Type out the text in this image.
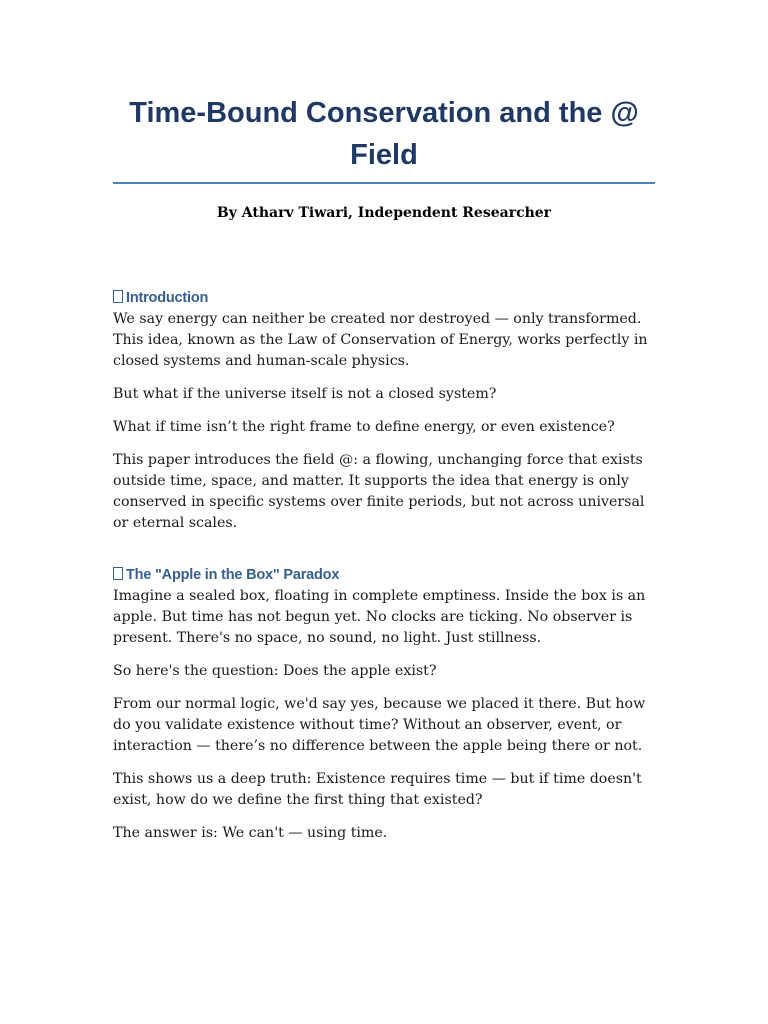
Time-Bound Conservation and the @ Field

By Atharv Tiwari, Independent Researcher

Introduction

We say energy can neither be created nor destroyed — only transformed. This idea, known as the Law of Conservation of Energy, works perfectly in closed systems and human-scale physics.

But what if the universe itself is not a closed system?

What if time isn’t the right frame to define energy, or even existence?

This paper introduces the field @: a flowing, unchanging force that exists outside time, space, and matter. It supports the idea that energy is only conserved in specific systems over finite periods, but not across universal or eternal scales.

The "Apple in the Box" Paradox

Imagine a sealed box, floating in complete emptiness. Inside the box is an apple. But time has not begun yet. No clocks are ticking. No observer is present. There's no space, no sound, no light. Just stillness.

So here's the question: Does the apple exist?

From our normal logic, we'd say yes, because we placed it there. But how do you validate existence without time? Without an observer, event, or interaction — there’s no difference between the apple being there or not.

This shows us a deep truth: Existence requires time — but if time doesn't exist, how do we define the first thing that existed?

The answer is: We can't — using time.
